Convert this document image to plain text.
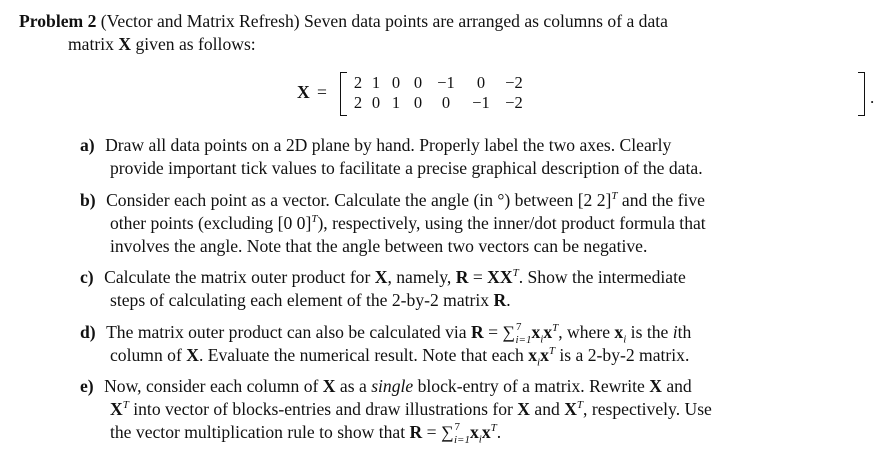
Problem 2 (Vector and Matrix Refresh) Seven data points are arranged as columns of a data
matrix X given as follows:
X = 2 1 0 0 −1	0	−2
2 0 1 0	0	−1 −2	.
a) Draw all data points on a 2D plane by hand. Properly label the two axes. Clearly
provide important tick values to facilitate a precise graphical description of the data.
b) Consider each point as a vector. Calculate the angle (in °) between [2 2]$^T$ and the five
other points (excluding [0 0]$^T$), respectively, using the inner/dot product formula that
involves the angle. Note that the angle between two vectors can be negative.
c) Calculate the matrix outer product for X, namely, $R = XX^T$. Show the intermediate
steps of calculating each element of the 2-by-2 matrix R.
d) The matrix outer product can also be calculated via $R = \sum^7_{i=1}x_ix^T$, where $x_i$ is the ith
column of X. Evaluate the numerical result. Note that each $x_ix^T$ is a 2-by-2 matrix.
e) Now, consider each column of X as a single block-entry of a matrix. Rewrite X and
$X^T$ into vector of blocks-entries and draw illustrations for X and $X^T$, respectively. Use
the vector multiplication rule to show that $R = \sum^7_{i=1}x_ix^T$.
